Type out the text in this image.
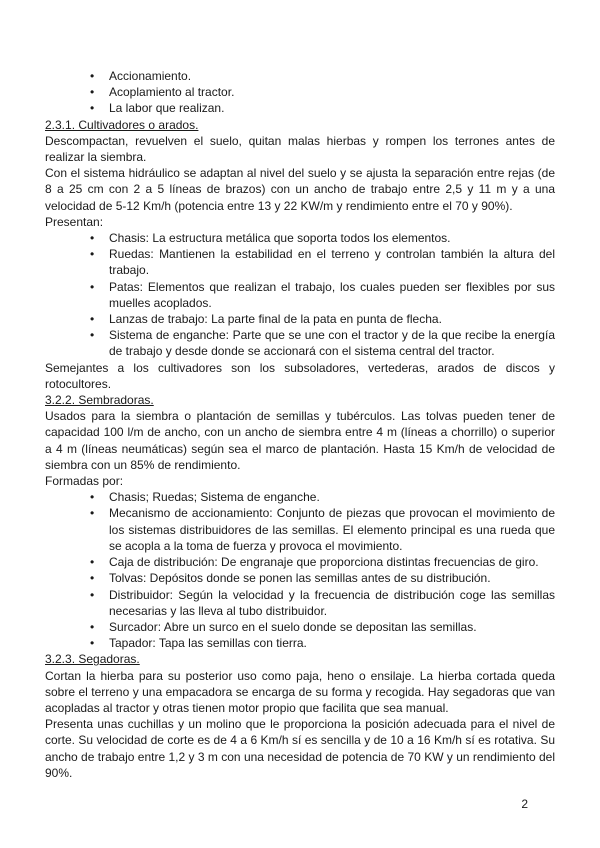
• Accionamiento.
• Acoplamiento al tractor.
• La labor que realizan.

2.3.1. Cultivadores o arados.

Descompactan, revuelven el suelo, quitan malas hierbas y rompen los terrones antes de realizar la siembra.

Con el sistema hidráulico se adaptan al nivel del suelo y se ajusta la separación entre rejas (de 8 a 25 cm con 2 a 5 líneas de brazos) con un ancho de trabajo entre 2,5 y 11 m y a una velocidad de 5-12 Km/h (potencia entre 13 y 22 KW/m y rendimiento entre el 70 y 90%).

Presentan:

• Chasis: La estructura metálica que soporta todos los elementos.
• Ruedas: Mantienen la estabilidad en el terreno y controlan también la altura del trabajo.
• Patas: Elementos que realizan el trabajo, los cuales pueden ser flexibles por sus muelles acoplados.
• Lanzas de trabajo: La parte final de la pata en punta de flecha.
• Sistema de enganche: Parte que se une con el tractor y de la que recibe la energía de trabajo y desde donde se accionará con el sistema central del tractor.

Semejantes a los cultivadores son los subsoladores, vertederas, arados de discos y rotocultores.

3.2.2. Sembradoras.

Usados para la siembra o plantación de semillas y tubérculos. Las tolvas pueden tener de capacidad 100 l/m de ancho, con un ancho de siembra entre 4 m (líneas a chorrillo) o superior a 4 m (líneas neumáticas) según sea el marco de plantación. Hasta 15 Km/h de velocidad de siembra con un 85% de rendimiento.

Formadas por:

• Chasis; Ruedas; Sistema de enganche.
• Mecanismo de accionamiento: Conjunto de piezas que provocan el movimiento de los sistemas distribuidores de las semillas. El elemento principal es una rueda que se acopla a la toma de fuerza y provoca el movimiento.
• Caja de distribución: De engranaje que proporciona distintas frecuencias de giro.
• Tolvas: Depósitos donde se ponen las semillas antes de su distribución.
• Distribuidor: Según la velocidad y la frecuencia de distribución coge las semillas necesarias y las lleva al tubo distribuidor.
• Surcador: Abre un surco en el suelo donde se depositan las semillas.
• Tapador: Tapa las semillas con tierra.

3.2.3. Segadoras.

Cortan la hierba para su posterior uso como paja, heno o ensilaje. La hierba cortada queda sobre el terreno y una empacadora se encarga de su forma y recogida. Hay segadoras que van acopladas al tractor y otras tienen motor propio que facilita que sea manual.

Presenta unas cuchillas y un molino que le proporciona la posición adecuada para el nivel de corte. Su velocidad de corte es de 4 a 6 Km/h sí es sencilla y de 10 a 16 Km/h sí es rotativa. Su ancho de trabajo entre 1,2 y 3 m con una necesidad de potencia de 70 KW y un rendimiento del 90%.

2
